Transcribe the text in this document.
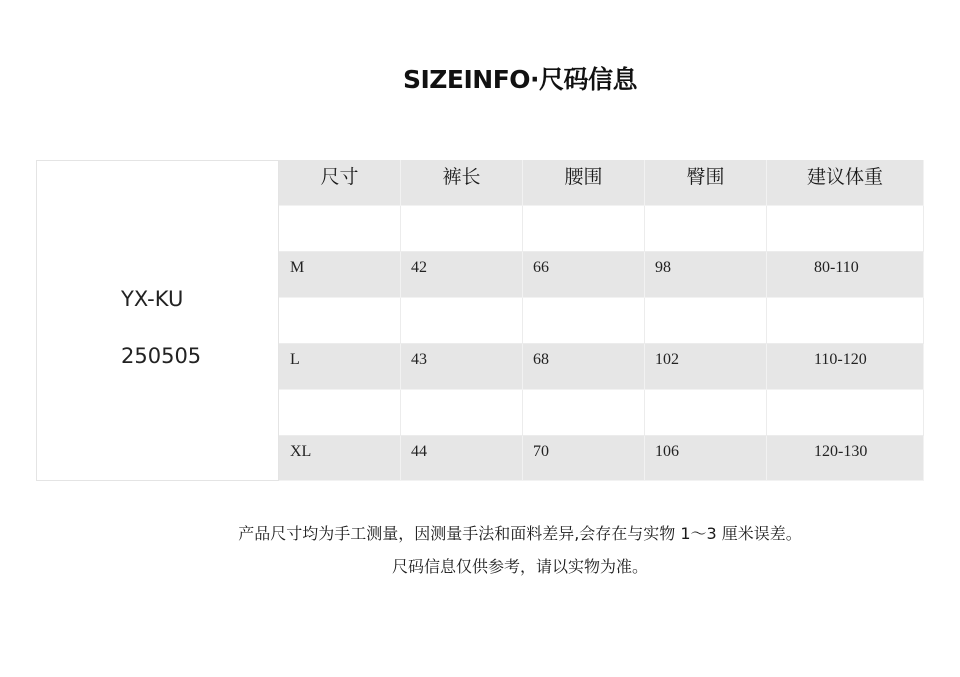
SIZEINFO·尺码信息
YX-KU
250505
尺寸	裤长	腰围	臀围	建议体重
M	42	66	98	80-110
L	43	68	102	110-120
XL	44	70	106	120-130
产品尺寸均为手工测量，因测量手法和面料差异,会存在与实物 1～3 厘米误差。
尺码信息仅供参考，请以实物为准。
